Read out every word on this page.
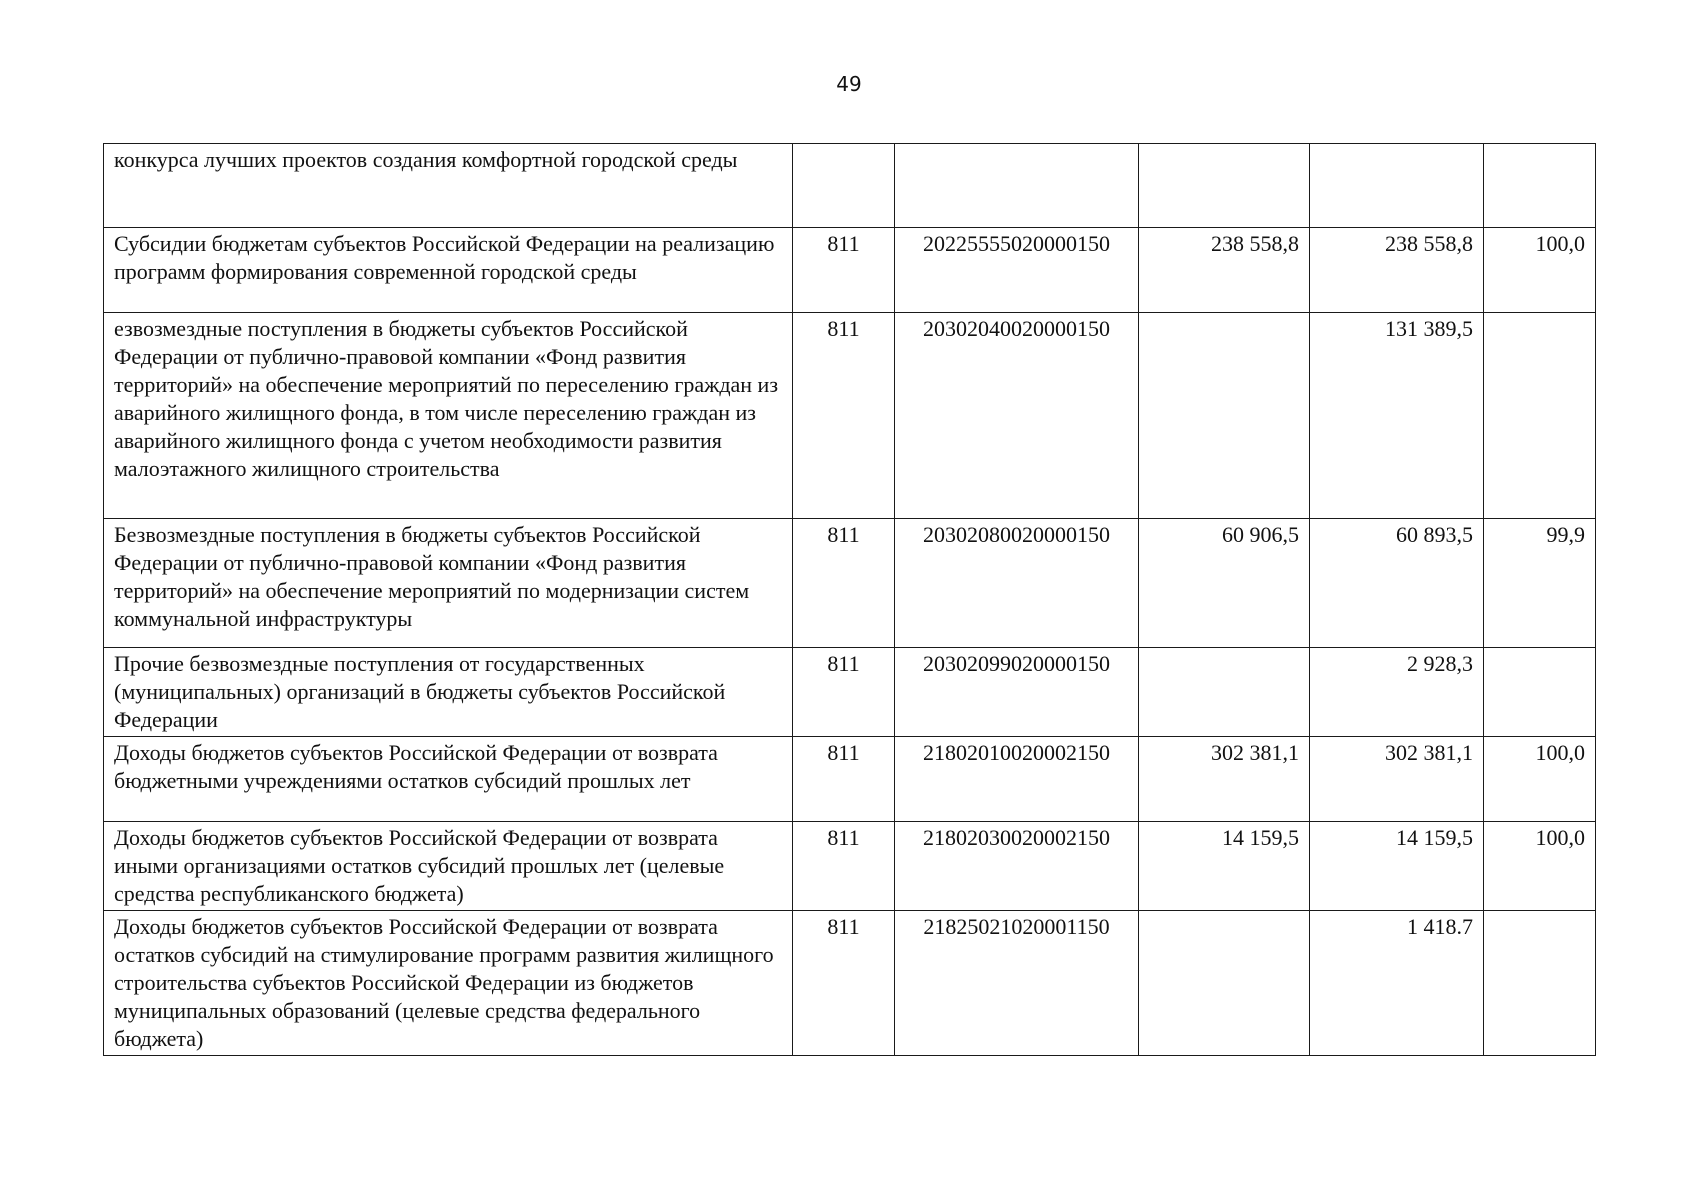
49
конкурса лучших проектов создания комфортной городской среды					
Субсидии бюджетам субъектов Российской Федерации на реализацию программ формирования современной городской среды	811	20225555020000150	238 558,8	238 558,8	100,0
езвозмездные поступления в бюджеты субъектов Российской Федерации от публично-правовой компании «Фонд развития территорий» на обеспечение мероприятий по переселению граждан из аварийного жилищного фонда, в том числе переселению граждан из аварийного жилищного фонда с учетом необходимости развития малоэтажного жилищного строительства	811	20302040020000150		131 389,5	
Безвозмездные поступления в бюджеты субъектов Российской Федерации от публично-правовой компании «Фонд развития территорий» на обеспечение мероприятий по модернизации систем коммунальной инфраструктуры	811	20302080020000150	60 906,5	60 893,5	99,9
Прочие безвозмездные поступления от государственных (муниципальных) организаций в бюджеты субъектов Российской Федерации	811	20302099020000150		2 928,3	
Доходы бюджетов субъектов Российской Федерации от возврата бюджетными учреждениями остатков субсидий прошлых лет	811	21802010020002150	302 381,1	302 381,1	100,0
Доходы бюджетов субъектов Российской Федерации от возврата иными организациями остатков субсидий прошлых лет (целевые средства республиканского бюджета)	811	21802030020002150	14 159,5	14 159,5	100,0
Доходы бюджетов субъектов Российской Федерации от возврата остатков субсидий на стимулирование программ развития жилищного строительства субъектов Российской Федерации из бюджетов муниципальных образований (целевые средства федерального бюджета)	811	21825021020001150		1 418.7	
